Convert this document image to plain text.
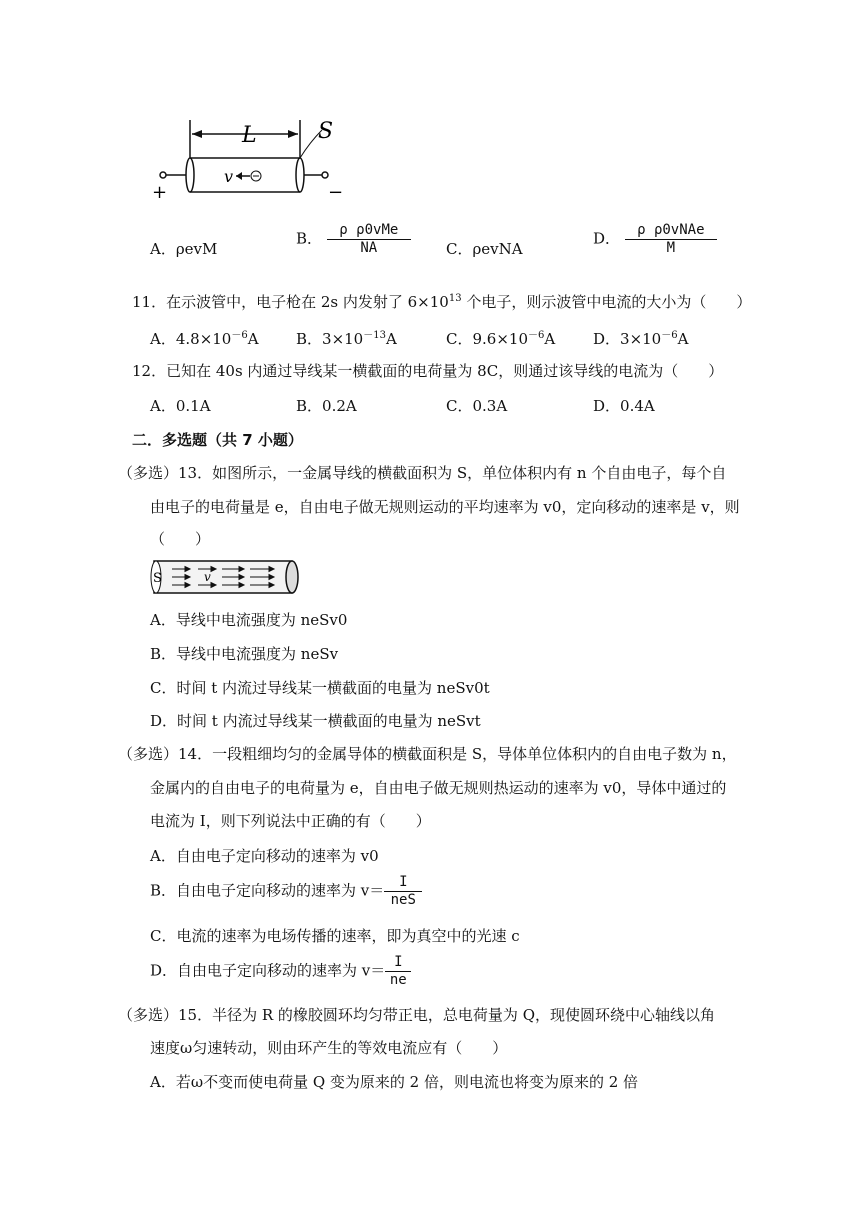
L	S
+	−
v
A．ρevM
B． $\frac{\text{ρ ρ0vMe}}{NA}$ C．ρevNA
D． $\frac{\text{ρ ρ0vNAe}}{M}$
11．在示波管中，电子枪在 2s 内发射了 $6\times 10^{13}$ 个电子，则示波管中电流的大小为（　　）
A．$4.8\times 10^{-6}A$ B．$3\times 10^{-13}A$	C．$9.6\times 10^{-6}A$	D．$3\times 10^{-6}A$
12．已知在 40s 内通过导线某一横截面的电荷量为 8C，则通过该导线的电流为（　　）
A．0.1A	B．0.2A	C．0.3A	D．0.4A
二．多选题（共 7 小题）
（多选）13．如图所示，一金属导线的横截面积为 S，单位体积内有 n 个自由电子，每个自
由电子的电荷量是 e，自由电子做无规则运动的平均速率为 v0，定向移动的速率是 v，则
（　　）
S	v
A．导线中电流强度为 neSv0
B．导线中电流强度为 neSv
C．时间 t 内流过导线某一横截面的电量为 neSv0t
D．时间 t 内流过导线某一横截面的电量为 neSvt
（多选）14．一段粗细均匀的金属导体的横截面积是 S，导体单位体积内的自由电子数为 n，
金属内的自由电子的电荷量为 e，自由电子做无规则热运动的速率为 v0，导体中通过的
电流为 I，则下列说法中正确的有（　　）
A．自由电子定向移动的速率为 v0
B．自由电子定向移动的速率为 $v= \frac{I}{\text{neS}}$
C．电流的速率为电场传播的速率，即为真空中的光速 c
D．自由电子定向移动的速率为 $v= \frac{I}{ne}$
（多选）15．半径为 R 的橡胶圆环均匀带正电，总电荷量为 Q，现使圆环绕中心轴线以角
速度ω匀速转动，则由环产生的等效电流应有（　　）
A．若ω不变而使电荷量 Q 变为原来的 2 倍，则电流也将变为原来的 2 倍
